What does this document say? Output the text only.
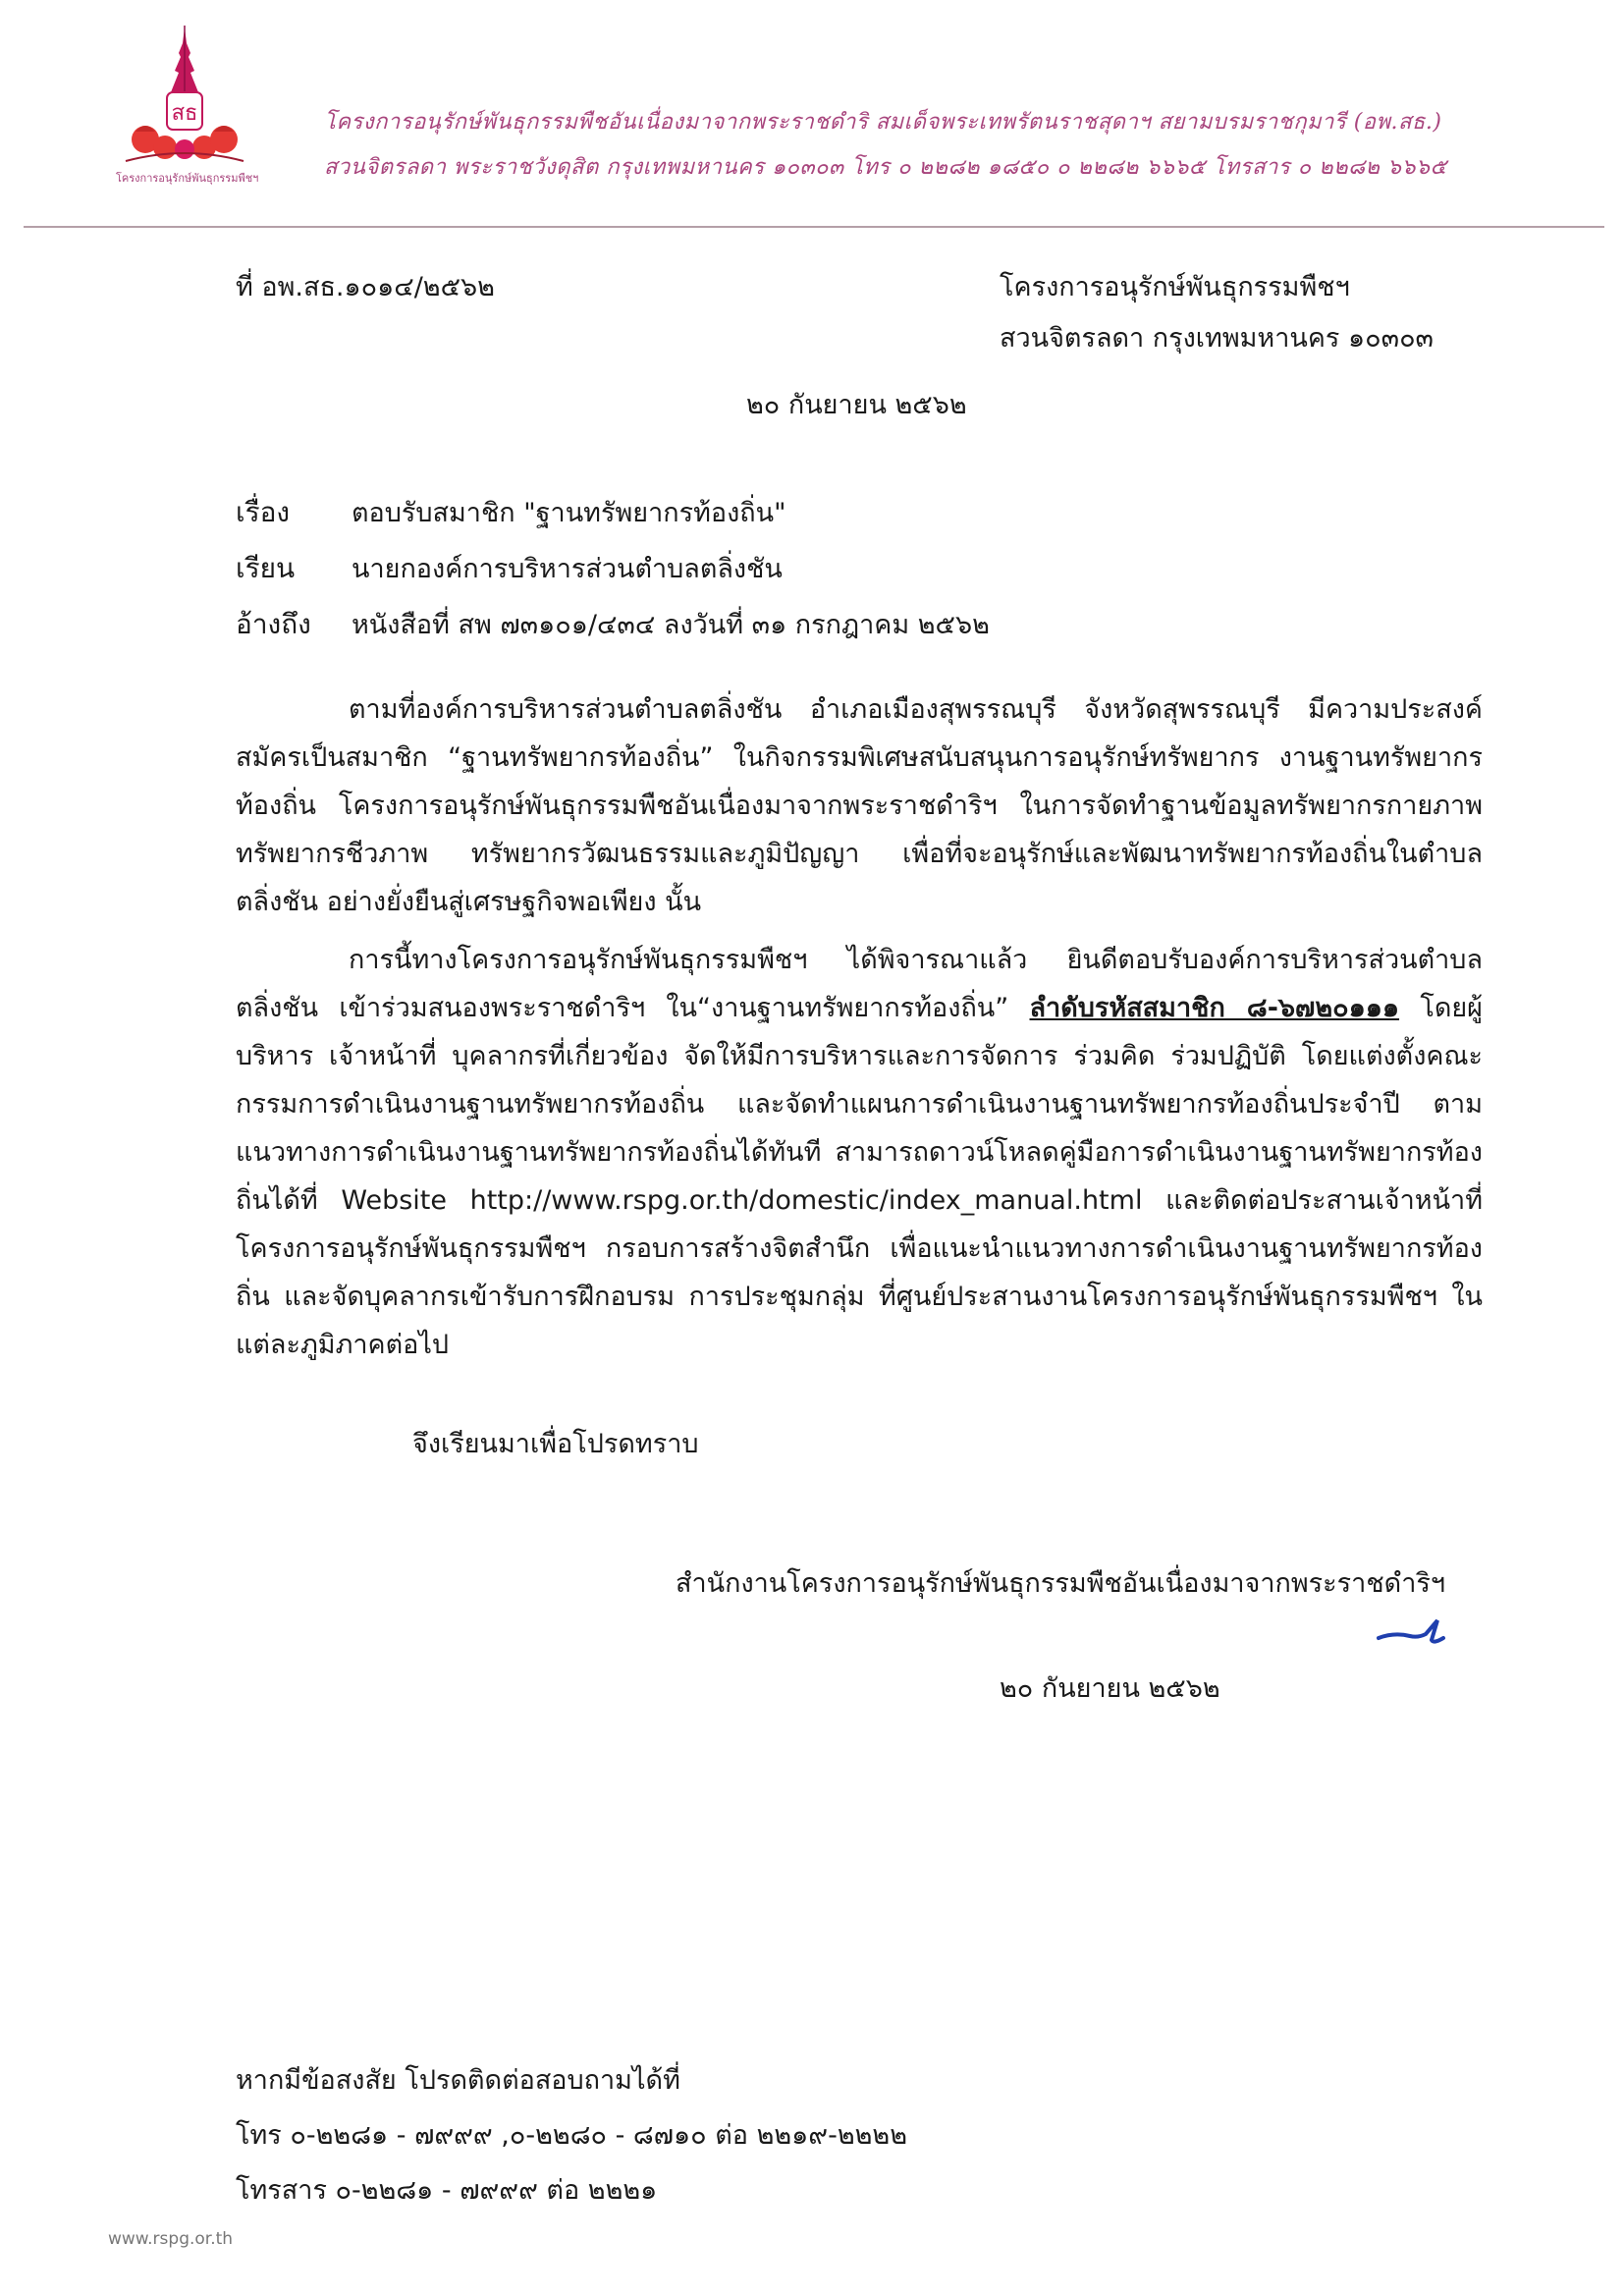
สธ
โครงการอนุรักษ์พันธุกรรมพืชฯ
โครงการอนุรักษ์พันธุกรรมพืชอันเนื่องมาจากพระราชดำริ สมเด็จพระเทพรัตนราชสุดาฯ สยามบรมราชกุมารี (อพ.สธ.)
สวนจิตรลดา พระราชวังดุสิต กรุงเทพมหานคร ๑๐๓๐๓ โทร ๐ ๒๒๘๒ ๑๘๕๐ ๐ ๒๒๘๒ ๖๖๖๕ โทรสาร ๐ ๒๒๘๒ ๖๖๖๕
ที่ อพ.สธ.๑๐๑๔/๒๕๖๒	โครงการอนุรักษ์พันธุกรรมพืชฯ
สวนจิตรลดา กรุงเทพมหานคร ๑๐๓๐๓
๒๐ กันยายน ๒๕๖๒
เรื่อง ตอบรับสมาชิก "ฐานทรัพยากรท้องถิ่น"
เรียน นายกองค์การบริหารส่วนตำบลตลิ่งชัน
อ้างถึง หนังสือที่ สพ ๗๓๑๐๑/๔๓๔ ลงวันที่ ๓๑ กรกฎาคม ๒๕๖๒

ตามที่องค์การบริหารส่วนตำบลตลิ่งชัน อำเภอเมืองสุพรรณบุรี จังหวัดสุพรรณบุรี มีความประสงค์สมัครเป็นสมาชิก “ฐานทรัพยากรท้องถิ่น” ในกิจกรรมพิเศษสนับสนุนการอนุรักษ์ทรัพยากร งานฐานทรัพยากรท้องถิ่น โครงการอนุรักษ์พันธุกรรมพืชอันเนื่องมาจากพระราชดำริฯ ในการจัดทำฐานข้อมูลทรัพยากรกายภาพ ทรัพยากรชีวภาพ ทรัพยากรวัฒนธรรมและภูมิปัญญา เพื่อที่จะอนุรักษ์และพัฒนาทรัพยากรท้องถิ่นในตำบลตลิ่งชัน อย่างยั่งยืนสู่เศรษฐกิจพอเพียง นั้น

การนี้ทางโครงการอนุรักษ์พันธุกรรมพืชฯ ได้พิจารณาแล้ว ยินดีตอบรับองค์การบริหารส่วนตำบลตลิ่งชัน เข้าร่วมสนองพระราชดำริฯ ใน“งานฐานทรัพยากรท้องถิ่น” ลำดับรหัสสมาชิก ๘-๖๗๒๐๑๑๑ โดยผู้บริหาร เจ้าหน้าที่ บุคลากรที่เกี่ยวข้อง จัดให้มีการบริหารและการจัดการ ร่วมคิด ร่วมปฏิบัติ โดยแต่งตั้งคณะกรรมการดำเนินงานฐานทรัพยากรท้องถิ่น และจัดทำแผนการดำเนินงานฐานทรัพยากรท้องถิ่นประจำปี ตามแนวทางการดำเนินงานฐานทรัพยากรท้องถิ่นได้ทันที สามารถดาวน์โหลดคู่มือการดำเนินงานฐานทรัพยากรท้องถิ่นได้ที่ Website http://www.rspg.or.th/domestic/index_manual.html และติดต่อประสานเจ้าหน้าที่โครงการอนุรักษ์พันธุกรรมพืชฯ กรอบการสร้างจิตสำนึก เพื่อแนะนำแนวทางการดำเนินงานฐานทรัพยากรท้องถิ่น และจัดบุคลากรเข้ารับการฝึกอบรม การประชุมกลุ่ม ที่ศูนย์ประสานงานโครงการอนุรักษ์พันธุกรรมพืชฯ ในแต่ละภูมิภาคต่อไป

จึงเรียนมาเพื่อโปรดทราบ
สำนักงานโครงการอนุรักษ์พันธุกรรมพืชอันเนื่องมาจากพระราชดำริฯ
๒๐ กันยายน ๒๕๖๒
หากมีข้อสงสัย โปรดติดต่อสอบถามได้ที่
โทร ๐-๒๒๘๑ - ๗๙๙๙ ,๐-๒๒๘๐ - ๘๗๑๐ ต่อ ๒๒๑๙-๒๒๒๒
โทรสาร ๐-๒๒๘๑ - ๗๙๙๙ ต่อ ๒๒๒๑
www.rspg.or.th
